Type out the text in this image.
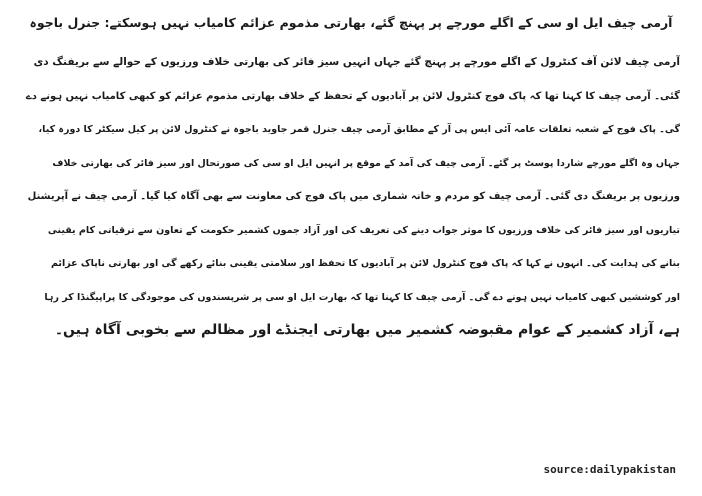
آرمی چیف ایل او سی کے اگلے مورچے پر پہنچ گئے، بھارتی مذموم عزائم کامیاب نہیں ہوسکتے: جنرل باجوہ
آرمی چیف لائن آف کنٹرول کے اگلے مورچے پر پہنچ گئے جہاں انہیں سیز فائر کی بھارتی خلاف ورزیوں کے حوالے سے بریفنگ دی
گئی۔ آرمی چیف کا کہنا تھا کہ پاک فوج کنٹرول لائن پر آبادیوں کے تحفظ کے خلاف بھارتی مذموم عزائم کو کبھی کامیاب نہیں ہونے دے
گی۔ پاک فوج کے شعبہ تعلقات عامہ آئی ایس پی آر کے مطابق آرمی چیف جنرل قمر جاوید باجوہ نے کنٹرول لائن پر کیل سیکٹر کا دورہ کیا،
جہاں وہ اگلے مورچے شاردا پوسٹ پر گئے۔ آرمی چیف کی آمد کے موقع پر انہیں ایل او سی کی صورتحال اور سیز فائر کی بھارتی خلاف
ورزیوں پر بریفنگ دی گئی۔ آرمی چیف کو مردم و خانہ شماری میں پاک فوج کی معاونت سے بھی آگاہ کیا گیا۔ آرمی چیف نے آپریشنل
تیاریوں اور سیز فائر کی خلاف ورزیوں کا موثر جواب دینے کی تعریف کی اور آزاد جموں کشمیر حکومت کے تعاون سے ترقیاتی کام یقینی
بنانے کی ہدایت کی۔ انہوں نے کہا کہ پاک فوج کنٹرول لائن پر آبادیوں کا تحفظ اور سلامتی یقینی بنائے رکھے گی اور بھارتی ناپاک عزائم
اور کوششیں کبھی کامیاب نہیں ہونے دے گی۔ آرمی چیف کا کہنا تھا کہ بھارت ایل او سی پر شرپسندوں کی موجودگی کا پراپیگنڈا کر رہا
ہے، آزاد کشمیر کے عوام مقبوضہ کشمیر میں بھارتی ایجنڈے اور مظالم سے بخوبی آگاہ ہیں۔
source:dailypakistan
